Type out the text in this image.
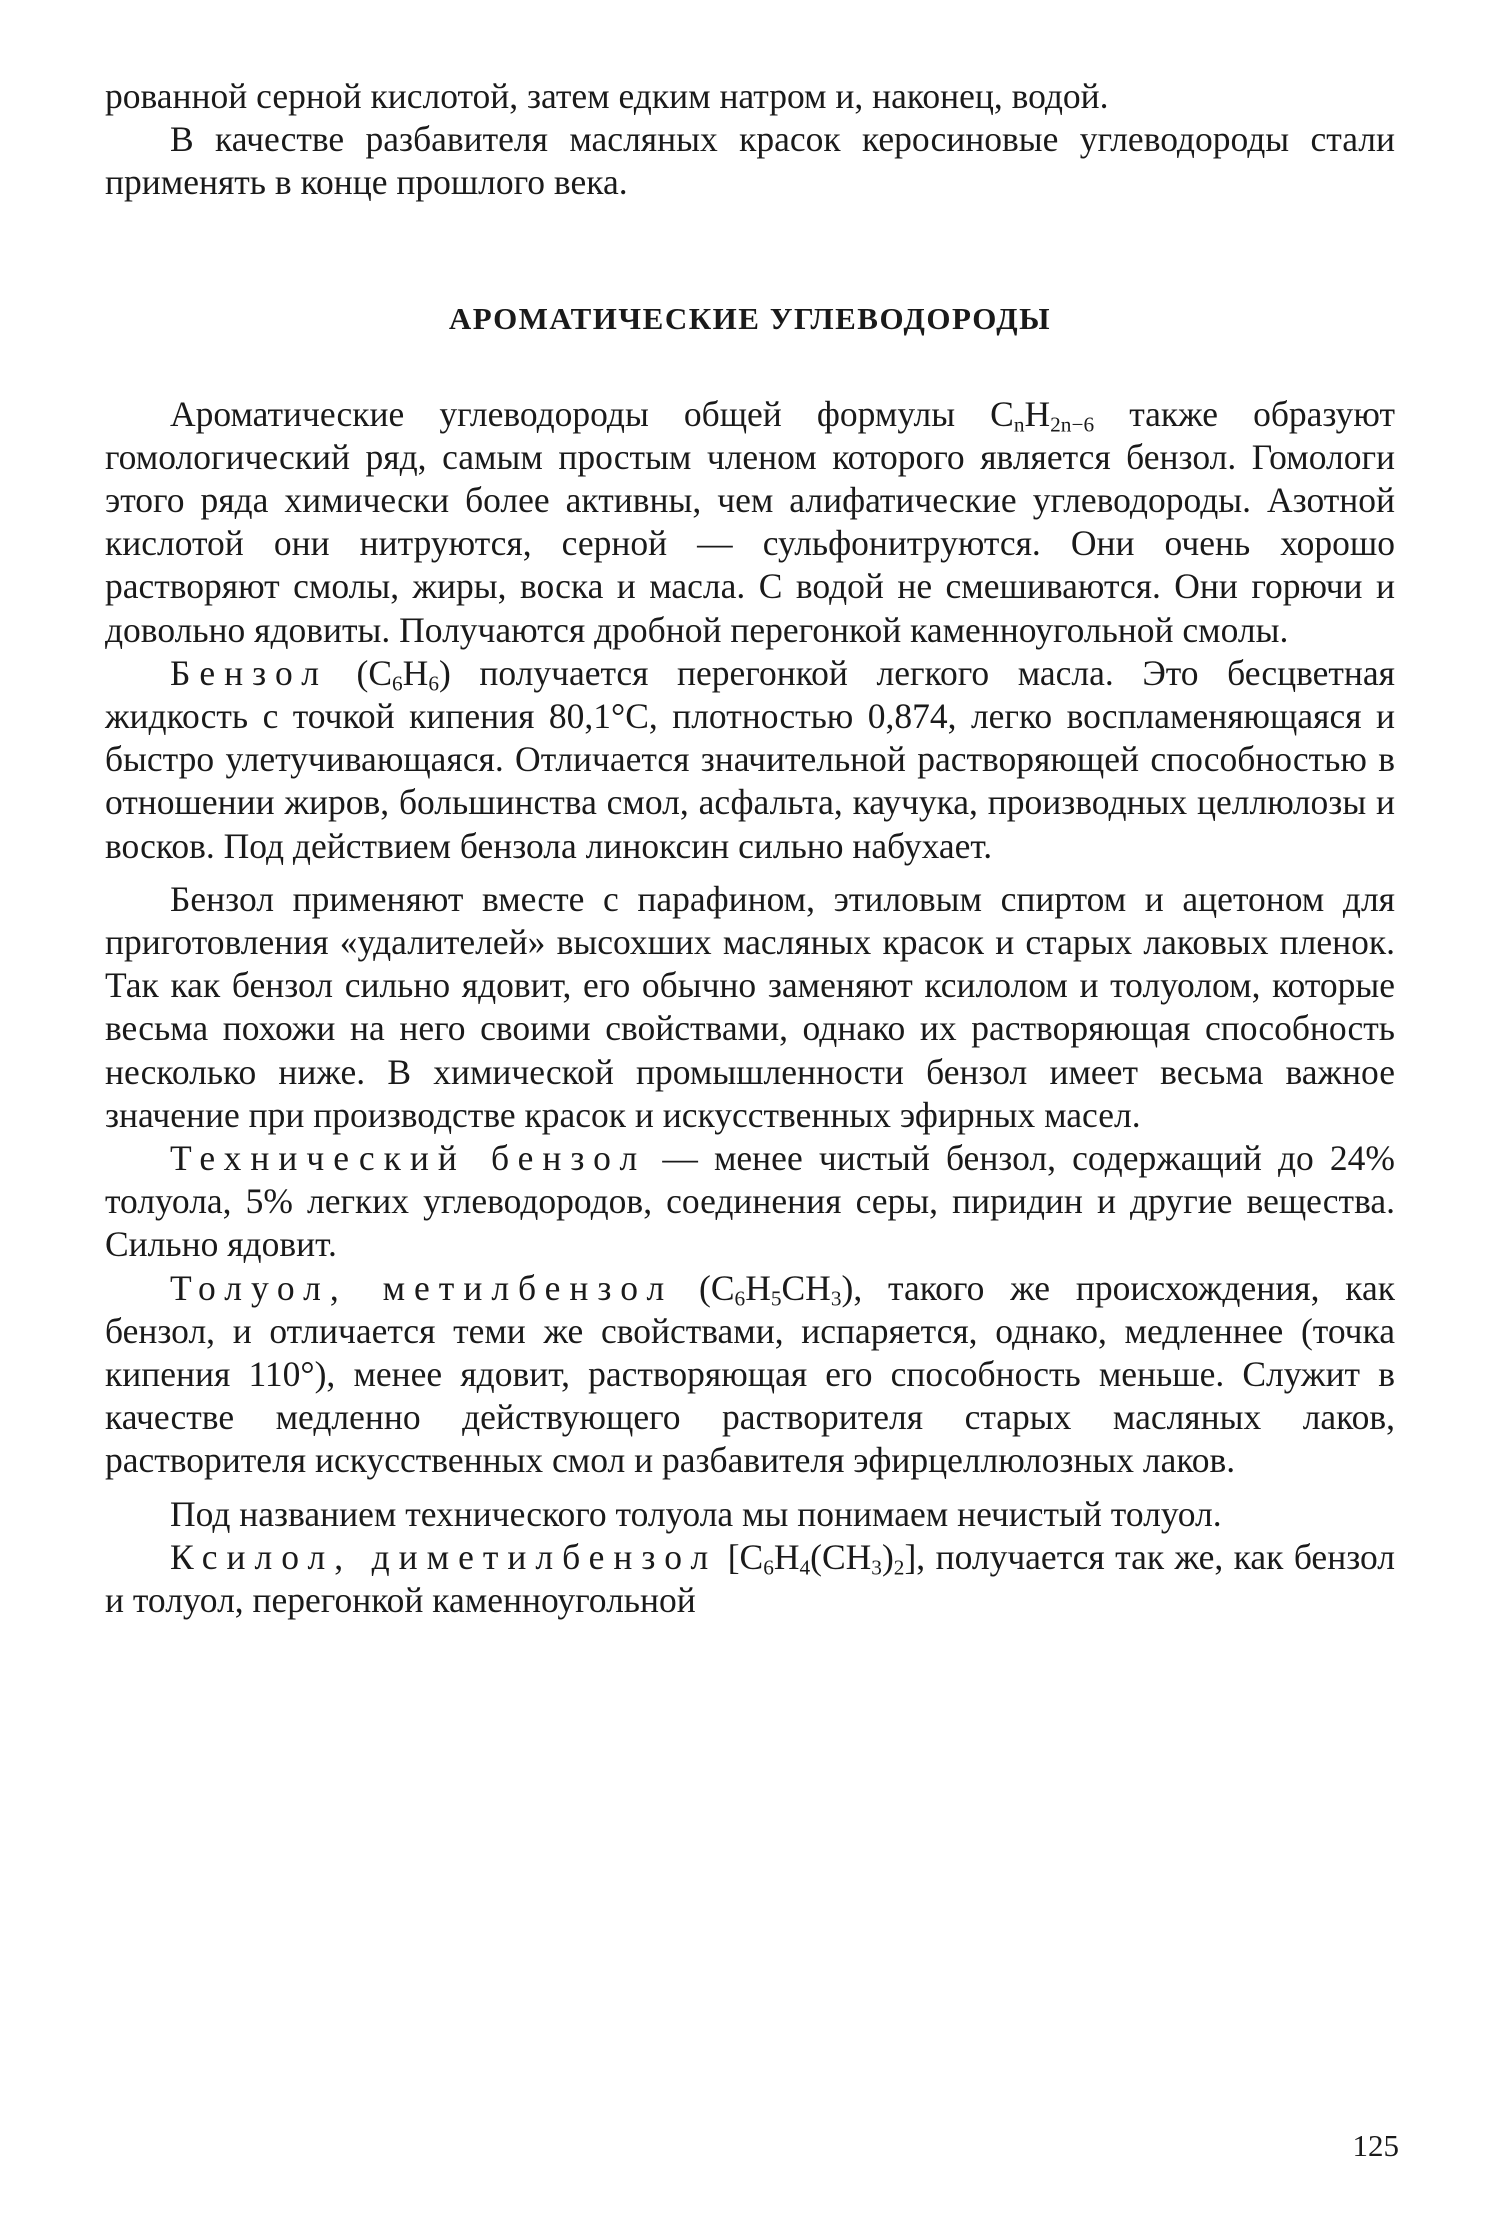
рованной серной кислотой, затем едким натром и, наконец, водой.

В качестве разбавителя масляных красок керосиновые углеводороды стали применять в конце прошлого века.

АРОМАТИЧЕСКИЕ УГЛЕВОДОРОДЫ

Ароматические углеводороды общей формулы $C_nH_{2n-6}$ также образуют гомологический ряд, самым простым членом которого является бензол. Гомологи этого ряда химически более активны, чем алифатические углеводороды. Азотной кислотой они нитруются, серной — сульфонитруются. Они очень хорошо растворяют смолы, жиры, воска и масла. С водой не смешиваются. Они горючи и довольно ядовиты. Получаются дробной перегонкой каменноугольной смолы.

Бензол $(C_6H_6)$ получается перегонкой легкого масла. Это бесцветная жидкость с точкой кипения 80,1°C, плотностью 0,874, легко воспламеняющаяся и быстро улетучивающаяся. Отличается значительной растворяющей способностью в отношении жиров, большинства смол, асфальта, каучука, производных целлюлозы и восков. Под действием бензола линоксин сильно набухает.

Бензол применяют вместе с парафином, этиловым спиртом и ацетоном для приготовления «удалителей» высохших масляных красок и старых лаковых пленок. Так как бензол сильно ядовит, его обычно заменяют ксилолом и толуолом, которые весьма похожи на него своими свойствами, однако их растворяющая способность несколько ниже. В химической промышленности бензол имеет весьма важное значение при производстве красок и искусственных эфирных масел.

Технический бензол — менее чистый бензол, содержащий до 24% толуола, 5% легких углеводородов, соединения серы, пиридин и другие вещества. Сильно ядовит.

Толуол, метилбензол $(C_6H_5CH_3)$, такого же происхождения, как бензол, и отличается теми же свойствами, испаряется, однако, медленнее (точка кипения 110°), менее ядовит, растворяющая его способность меньше. Служит в качестве медленно действующего растворителя старых масляных лаков, растворителя искусственных смол и разбавителя эфирцеллюлозных лаков.

Под названием технического толуола мы понимаем нечистый толуол.

Ксилол, диметилбензол $[C_6H_4(CH_3)_2]$, получается так же, как бензол и толуол, перегонкой каменноугольной

125
